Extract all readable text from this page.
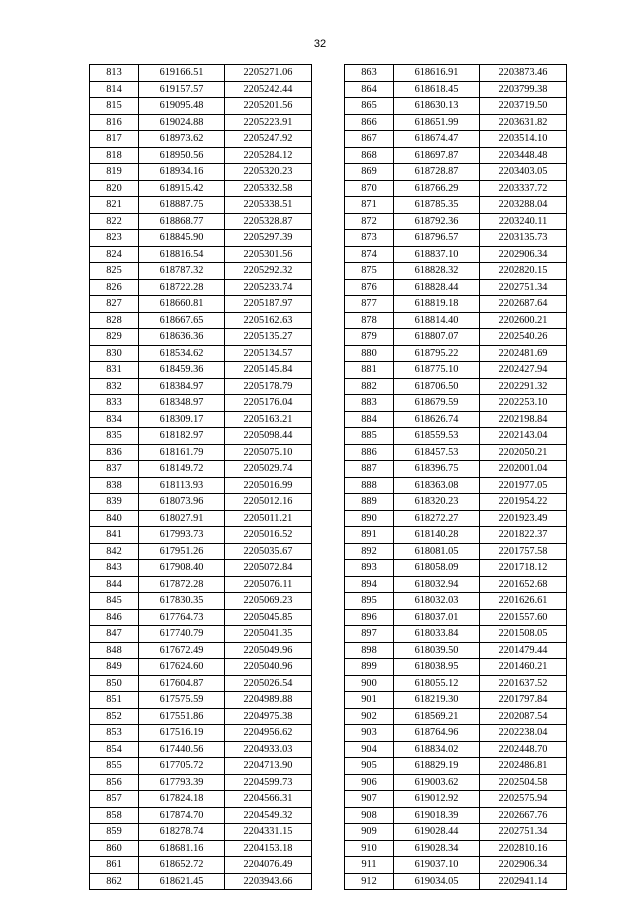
32
813	619166.51	2205271.06
814	619157.57	2205242.44
815	619095.48	2205201.56
816	619024.88	2205223.91
817	618973.62	2205247.92
818	618950.56	2205284.12
819	618934.16	2205320.23
820	618915.42	2205332.58
821	618887.75	2205338.51
822	618868.77	2205328.87
823	618845.90	2205297.39
824	618816.54	2205301.56
825	618787.32	2205292.32
826	618722.28	2205233.74
827	618660.81	2205187.97
828	618667.65	2205162.63
829	618636.36	2205135.27
830	618534.62	2205134.57
831	618459.36	2205145.84
832	618384.97	2205178.79
833	618348.97	2205176.04
834	618309.17	2205163.21
835	618182.97	2205098.44
836	618161.79	2205075.10
837	618149.72	2205029.74
838	618113.93	2205016.99
839	618073.96	2205012.16
840	618027.91	2205011.21
841	617993.73	2205016.52
842	617951.26	2205035.67
843	617908.40	2205072.84
844	617872.28	2205076.11
845	617830.35	2205069.23
846	617764.73	2205045.85
847	617740.79	2205041.35
848	617672.49	2205049.96
849	617624.60	2205040.96
850	617604.87	2205026.54
851	617575.59	2204989.88
852	617551.86	2204975.38
853	617516.19	2204956.62
854	617440.56	2204933.03
855	617705.72	2204713.90
856	617793.39	2204599.73
857	617824.18	2204566.31
858	617874.70	2204549.32
859	618278.74	2204331.15
860	618681.16	2204153.18
861	618652.72	2204076.49
862	618621.45	2203943.66
863	618616.91	2203873.46
864	618618.45	2203799.38
865	618630.13	2203719.50
866	618651.99	2203631.82
867	618674.47	2203514.10
868	618697.87	2203448.48
869	618728.87	2203403.05
870	618766.29	2203337.72
871	618785.35	2203288.04
872	618792.36	2203240.11
873	618796.57	2203135.73
874	618837.10	2202906.34
875	618828.32	2202820.15
876	618828.44	2202751.34
877	618819.18	2202687.64
878	618814.40	2202600.21
879	618807.07	2202540.26
880	618795.22	2202481.69
881	618775.10	2202427.94
882	618706.50	2202291.32
883	618679.59	2202253.10
884	618626.74	2202198.84
885	618559.53	2202143.04
886	618457.53	2202050.21
887	618396.75	2202001.04
888	618363.08	2201977.05
889	618320.23	2201954.22
890	618272.27	2201923.49
891	618140.28	2201822.37
892	618081.05	2201757.58
893	618058.09	2201718.12
894	618032.94	2201652.68
895	618032.03	2201626.61
896	618037.01	2201557.60
897	618033.84	2201508.05
898	618039.50	2201479.44
899	618038.95	2201460.21
900	618055.12	2201637.52
901	618219.30	2201797.84
902	618569.21	2202087.54
903	618764.96	2202238.04
904	618834.02	2202448.70
905	618829.19	2202486.81
906	619003.62	2202504.58
907	619012.92	2202575.94
908	619018.39	2202667.76
909	619028.44	2202751.34
910	619028.34	2202810.16
911	619037.10	2202906.34
912	619034.05	2202941.14
